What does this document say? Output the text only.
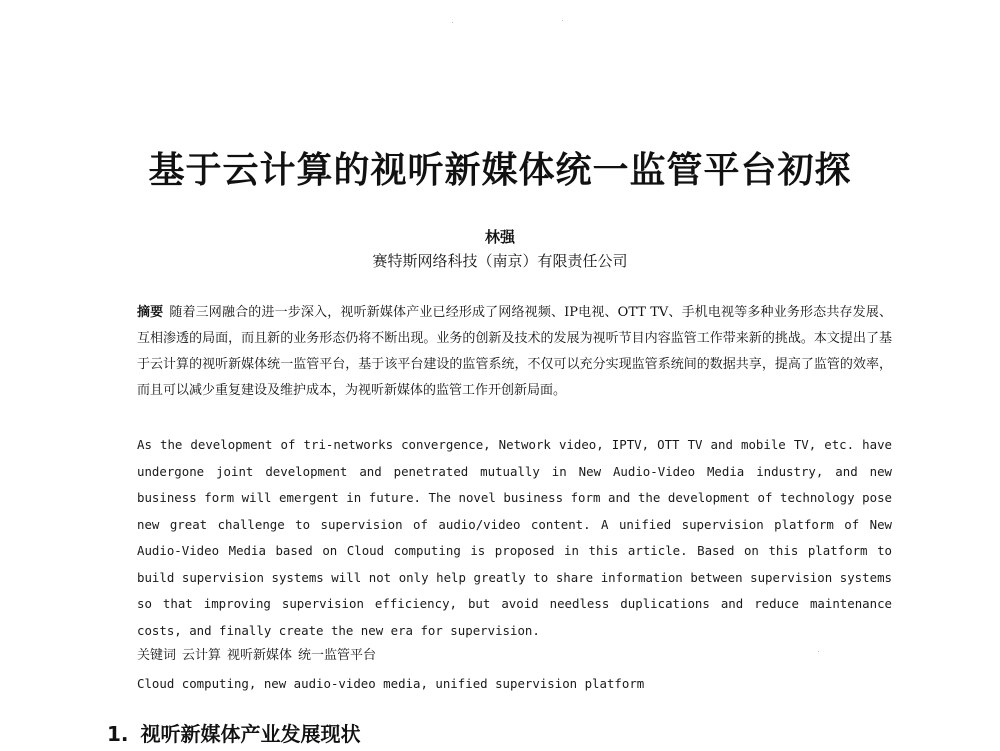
基于云计算的视听新媒体统一监管平台初探
林强
赛特斯网络科技（南京）有限责任公司
摘要 随着三网融合的进一步深入，视听新媒体产业已经形成了网络视频、IP电视、OTT TV、手机电视等多种业务形态共存发展、互相渗透的局面，而且新的业务形态仍将不断出现。业务的创新及技术的发展为视听节目内容监管工作带来新的挑战。本文提出了基于云计算的视听新媒体统一监管平台，基于该平台建设的监管系统，不仅可以充分实现监管系统间的数据共享，提高了监管的效率，而且可以减少重复建设及维护成本，为视听新媒体的监管工作开创新局面。
As the development of tri-networks convergence, Network video, IPTV, OTT TV and mobile TV, etc. have undergone joint development and penetrated mutually in New Audio-Video Media industry, and new business form will emergent in future. The novel business form and the development of technology pose new great challenge to supervision of audio/video content. A unified supervision platform of New Audio-Video Media based on Cloud computing is proposed in this article. Based on this platform to build supervision systems will not only help greatly to share information between supervision systems so that improving supervision efficiency, but avoid needless duplications and reduce maintenance costs, and finally create the new era for supervision.
关键词 云计算 视听新媒体 统一监管平台
Cloud computing, new audio-video media, unified supervision platform
1. 视听新媒体产业发展现状
